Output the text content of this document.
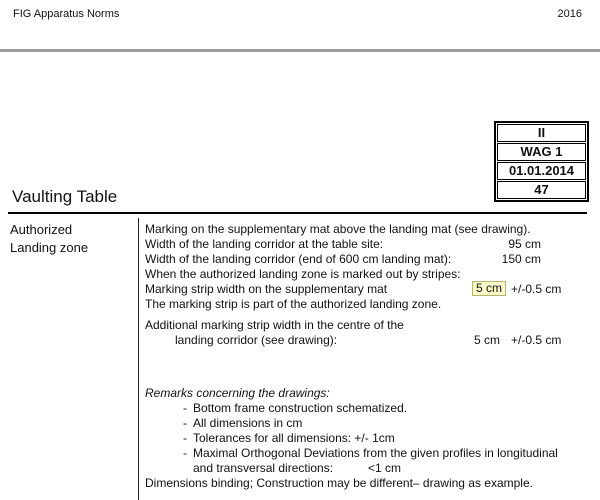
FIG Apparatus Norms	2016
II
WAG 1
01.01.2014
47
Vaulting Table
Authorized
Landing zone
Marking on the supplementary mat above the landing mat (see drawing).
Width of the landing corridor at the table site:	95 cm
Width of the landing corridor (end of 600 cm landing mat):	150 cm
When the authorized landing zone is marked out by stripes:
Marking strip width on the supplementary mat	5 cm +/-0.5 cm
The marking strip is part of the authorized landing zone.
Additional marking strip width in the centre of the
landing corridor (see drawing):	5 cm +/-0.5 cm
Remarks concerning the drawings:
- Bottom frame construction schematized.
- All dimensions in cm
- Tolerances for all dimensions: +/- 1cm
- Maximal Orthogonal Deviations from the given profiles in longitudinal
and transversal directions:	<1 cm
Dimensions binding; Construction may be different– drawing as example.
